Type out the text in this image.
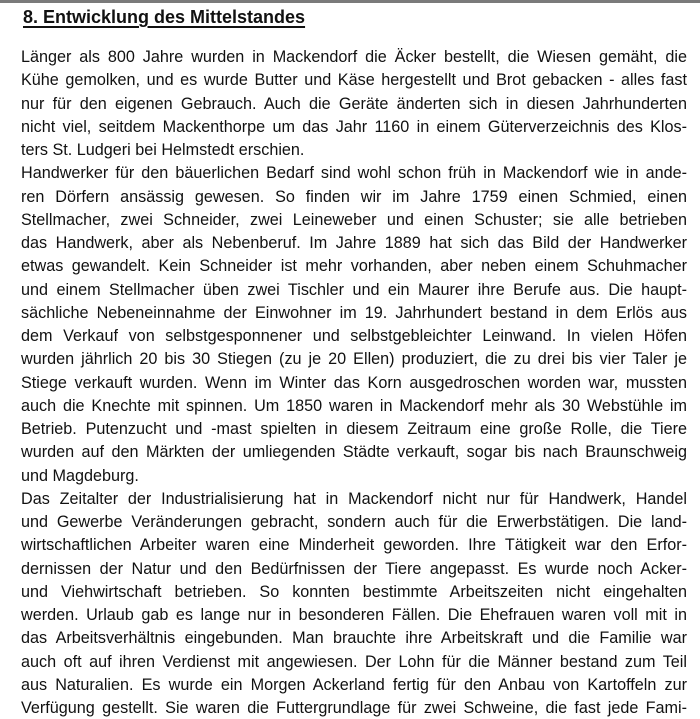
8. Entwicklung des Mittelstandes
Länger als 800 Jahre wurden in Mackendorf die Äcker bestellt, die Wiesen gemäht, die
Kühe gemolken, und es wurde Butter und Käse hergestellt und Brot gebacken - alles fast
nur für den eigenen Gebrauch. Auch die Geräte änderten sich in diesen Jahrhunderten
nicht viel, seitdem Mackenthorpe um das Jahr 1160 in einem Güterverzeichnis des Klos-
ters St. Ludgeri bei Helmstedt erschien.
Handwerker für den bäuerlichen Bedarf sind wohl schon früh in Mackendorf wie in ande-
ren Dörfern ansässig gewesen. So finden wir im Jahre 1759 einen Schmied, einen
Stellmacher, zwei Schneider, zwei Leineweber und einen Schuster; sie alle betrieben
das Handwerk, aber als Nebenberuf. Im Jahre 1889 hat sich das Bild der Handwerker
etwas gewandelt. Kein Schneider ist mehr vorhanden, aber neben einem Schuhmacher
und einem Stellmacher üben zwei Tischler und ein Maurer ihre Berufe aus. Die haupt-
sächliche Nebeneinnahme der Einwohner im 19. Jahrhundert bestand in dem Erlös aus
dem Verkauf von selbstgesponnener und selbstgebleichter Leinwand. In vielen Höfen
wurden jährlich 20 bis 30 Stiegen (zu je 20 Ellen) produziert, die zu drei bis vier Taler je
Stiege verkauft wurden. Wenn im Winter das Korn ausgedroschen worden war, mussten
auch die Knechte mit spinnen. Um 1850 waren in Mackendorf mehr als 30 Webstühle im
Betrieb. Putenzucht und -mast spielten in diesem Zeitraum eine große Rolle, die Tiere
wurden auf den Märkten der umliegenden Städte verkauft, sogar bis nach Braunschweig
und Magdeburg.
Das Zeitalter der Industrialisierung hat in Mackendorf nicht nur für Handwerk, Handel
und Gewerbe Veränderungen gebracht, sondern auch für die Erwerbstätigen. Die land-
wirtschaftlichen Arbeiter waren eine Minderheit geworden. Ihre Tätigkeit war den Erfor-
dernissen der Natur und den Bedürfnissen der Tiere angepasst. Es wurde noch Acker-
und Viehwirtschaft betrieben. So konnten bestimmte Arbeitszeiten nicht eingehalten
werden. Urlaub gab es lange nur in besonderen Fällen. Die Ehefrauen waren voll mit in
das Arbeitsverhältnis eingebunden. Man brauchte ihre Arbeitskraft und die Familie war
auch oft auf ihren Verdienst mit angewiesen. Der Lohn für die Männer bestand zum Teil
aus Naturalien. Es wurde ein Morgen Ackerland fertig für den Anbau von Kartoffeln zur
Verfügung gestellt. Sie waren die Futtergrundlage für zwei Schweine, die fast jede Fami-
